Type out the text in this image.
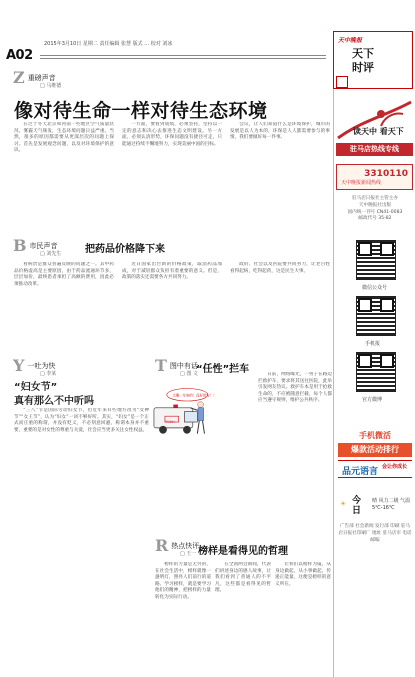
A02
2015年3月10日 星期二 责任编辑 张慧 版式 … 校对 刘冰	天中晚报
天下
时评
读天中 看天下
驻马店热线专线
3310110
天中晚报新闻热线
驻马店日报社主管主办
天中晚报社出版
国内统一刊号 CN41-0083
邮政代号 35-82
微信公众号
手机报
官方微博
手机微活
爆款活动排行
品元语言 会让你成长
☀ 今
日
晴 风力二级 气温 5℃-16℃
广告部 社会新闻 发行部 印刷 驻马店日报社印刷厂 地址 驻马店市 电话 邮编
Z 重磅声音
□ 马维德
像对待生命一样对待生态环境

在过于冬天北京和河南一些地区空气质量状况、雾霾天气频发，生态环境问题日益严重。当然，很多的原因都需要从更深层次的问题上探讨。首先是发展观念问题，以及对环境保护的意识。

一方面，要看到成绩，必须坚持，坚持以一定的意志和决心去推进生态文明建设。另一方面，必须认清形势，环保问题没有捷径可走，只能通过持续不懈地努力，实现美丽中国的目标。

会议，让人们知道什么是环境保护，城市的发展是以人为本的，环保是人人都需要参与的事情，我们要做好每一件事。

B 市民声音
□ 刘先生 把药品价格降下来

看病贵是群众普遍反映的问题之一。其中药品价格虚高是主要原因，由于药品流通环节多，层层加价，最终患者承担了高额的费用，因此必须推动改革。

近日国家出台新的价格政策，取消药品加成，对于减轻群众负担有着重要的意义。但是，政策的落实还需要各方共同努力。

政府、社会以及医院要共同努力，让老百姓看得起病，吃得起药，这是民生大事。

Y 一吐为快
□ 李某
“妇女节”
真有那么不中听吗

“三八”节是国际劳动妇女节，但近年来有些地方改为“女神节”“女王节”，认为“妇女”一词不够好听。其实，“妇女”是一个正式而庄重的称谓，并没有贬义，不必刻意回避。称谓本身并不重要，重要的是对女性的尊重与关爱，社会应当更多关注女性权益。

T 图中有话
□ 图 文
“任性”拦车
太累一车坐的！没好的车！！
120急救车

日前，网络曝光，一男子在路边拦救护车，要求将其送往医院，此举引发网友热议。救护车本是用于抢救生命的，不应被随意拦截，每个人都应当遵守规则，维护公共秩序。

R 热点快评
□ 王一 榜样是看得见的哲理

榜样的力量是无穷的，在社会生活中，榜样就像一盏明灯，照亮人们前行的道路。学习榜样，就是要学习他们的精神，把榜样的力量转化为实际行动。

在全国两会期间，代表们讲述身边的感人故事，让我们看到了普通人的不平凡，这些都是看得见的哲理。

让我们以榜样为镜，从身边做起，从小事做起，传递正能量，这便是榜样的意义所在。
